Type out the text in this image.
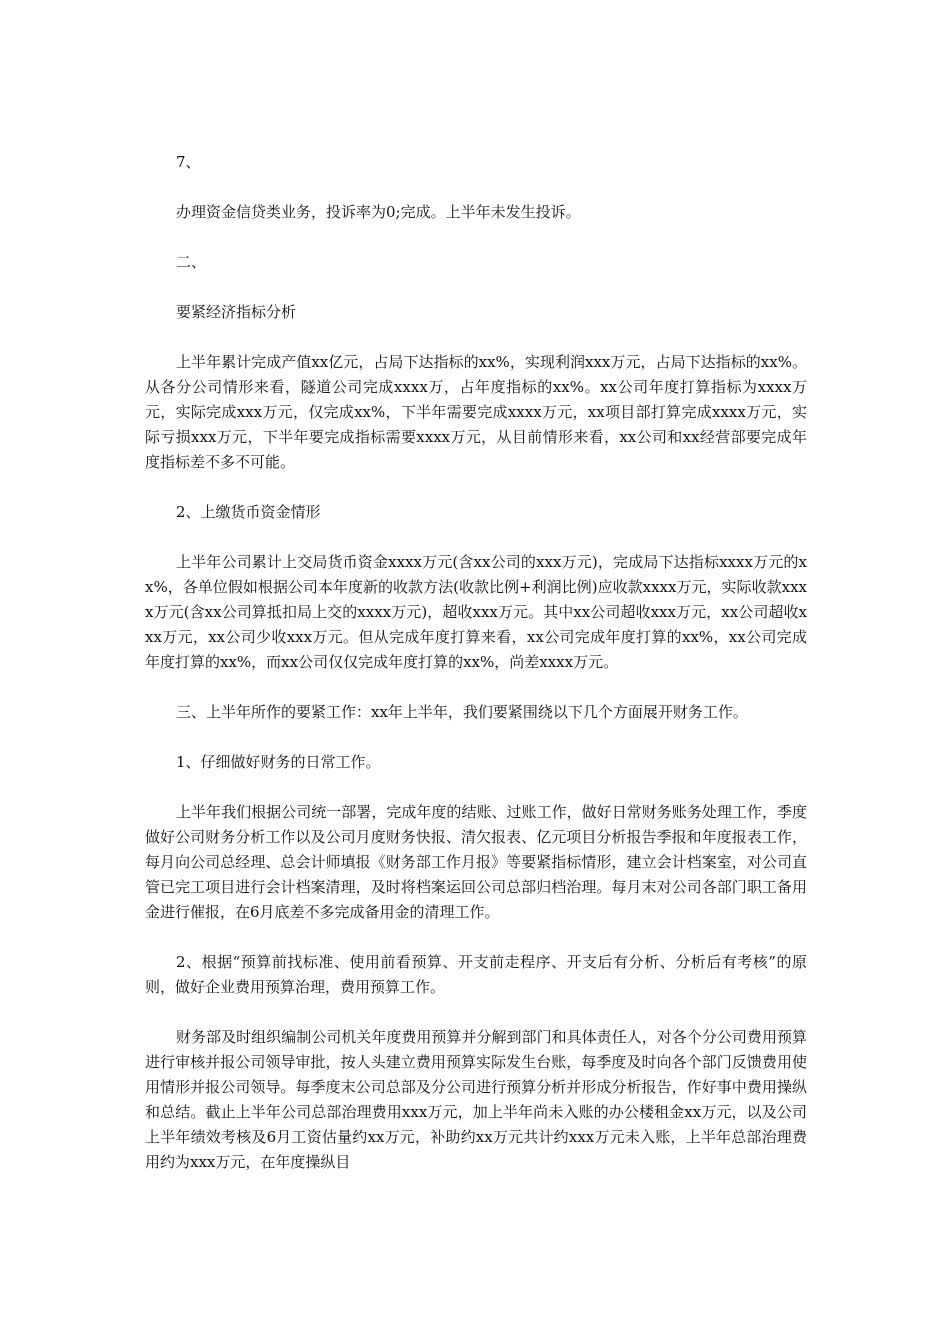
7、

办理资金信贷类业务，投诉率为0;完成。上半年未发生投诉。

二、

要紧经济指标分析

上半年累计完成产值xx亿元，占局下达指标的xx%，实现利润xxx万元，占局下达指标的xx%。从各分公司情形来看，隧道公司完成xxxx万，占年度指标的xx%。xx公司年度打算指标为xxxx万元，实际完成xxx万元，仅完成xx%，下半年需要完成xxxx万元，xx项目部打算完成xxxx万元，实际亏损xxx万元，下半年要完成指标需要xxxx万元，从目前情形来看，xx公司和xx经营部要完成年度指标差不多不可能。

2、上缴货币资金情形

上半年公司累计上交局货币资金xxxx万元(含xx公司的xxx万元)，完成局下达指标xxxx万元的xx%，各单位假如根据公司本年度新的收款方法(收款比例+利润比例)应收款xxxx万元，实际收款xxxx万元(含xx公司算抵扣局上交的xxxx万元)，超收xxx万元。其中xx公司超收xxx万元，xx公司超收xxx万元，xx公司少收xxx万元。但从完成年度打算来看，xx公司完成年度打算的xx%，xx公司完成年度打算的xx%，而xx公司仅仅完成年度打算的xx%，尚差xxxx万元。

三、上半年所作的要紧工作：xx年上半年，我们要紧围绕以下几个方面展开财务工作。

1、仔细做好财务的日常工作。

上半年我们根据公司统一部署，完成年度的结账、过账工作，做好日常财务账务处理工作，季度做好公司财务分析工作以及公司月度财务快报、清欠报表、亿元项目分析报告季报和年度报表工作，每月向公司总经理、总会计师填报《财务部工作月报》等要紧指标情形，建立会计档案室，对公司直管已完工项目进行会计档案清理，及时将档案运回公司总部归档治理。每月末对公司各部门职工备用金进行催报，在6月底差不多完成备用金的清理工作。

2、根据“预算前找标准、使用前看预算、开支前走程序、开支后有分析、分析后有考核”的原则，做好企业费用预算治理，费用预算工作。

财务部及时组织编制公司机关年度费用预算并分解到部门和具体责任人，对各个分公司费用预算进行审核并报公司领导审批，按人头建立费用预算实际发生台账，每季度及时向各个部门反馈费用使用情形并报公司领导。每季度末公司总部及分公司进行预算分析并形成分析报告，作好事中费用操纵和总结。截止上半年公司总部治理费用xxx万元，加上半年尚未入账的办公楼租金xx万元，以及公司上半年绩效考核及6月工资估量约xx万元，补助约xx万元共计约xxx万元未入账，上半年总部治理费用约为xxx万元，在年度操纵目
